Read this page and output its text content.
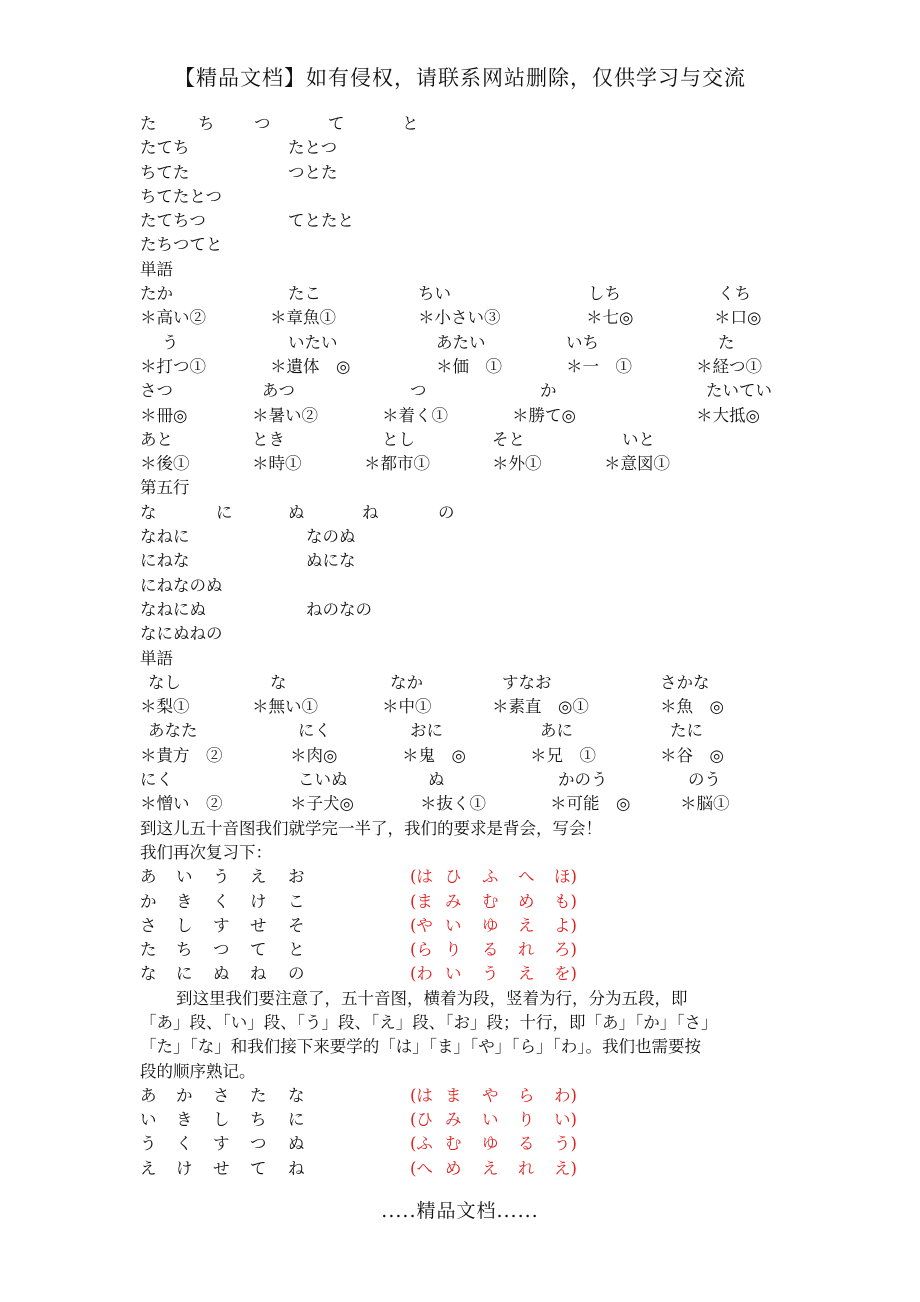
【精品文档】如有侵权，请联系网站删除，仅供学习与交流
た	ち つ	て	と
たてち	たとつ
ちてた	つとた
ちてたとつ
たてちつ	てとたと
たちつてと
単語
たか	たこ	ちい	しち	くち
＊高い②	＊章魚①	＊小さい③	＊七◎	＊口◎
う	いたい	あたい	いち	た
＊打つ①	＊遺体　◎	＊価　①	＊一　①	＊経つ①
さつ	あつ	つ	か	たいてい
＊冊◎	＊暑い②	＊着く①	＊勝て◎	＊大抵◎
あと	とき	とし	そと	いと
＊後①	＊時①	＊都市①	＊外①	＊意図①
第五行
な	に	ぬ	ね	の
なねに	なのぬ
にねな	ぬにな
にねなのぬ
なねにぬ	ねのなの
なにぬねの
単語
なし	な	なか	すなお	さかな
＊梨①	＊無い①	＊中①	＊素直　◎①	＊魚　◎
あなた	にく	おに	あに	たに
＊貴方　②	＊肉◎	＊鬼　◎	＊兄　①	＊谷　◎
にく	こいぬ	ぬ	かのう	のう
＊憎い　②	＊子犬◎	＊抜く①	＊可能　◎	＊脳①
到这儿五十音图我们就学完一半了，我们的要求是背会，写会！
我们再次复习下：
あ い う え お	(は ひ ふ へ ほ)
か き く け こ	(ま み む め も)
さ し す せ そ	(や い ゆ え よ)
た ち つ て と	(ら り る れ ろ)
な に ぬ ね の	(わ い う え を)
到这里我们要注意了，五十音图，横着为段，竖着为行，分为五段，即
「あ」段、「い」段、「う」段、「え」段、「お」段；十行，即「あ」「か」「さ」
「た」「な」和我们接下来要学的「は」「ま」「や」「ら」「わ」。我们也需要按
段的顺序熟记。
あ か さ た な	(は ま や ら わ)
い き し ち に	(ひ み い り い)
う く す つ ぬ	(ふ む ゆ る う)
え け せ て ね	(へ め え れ え)
.....精品文档......
